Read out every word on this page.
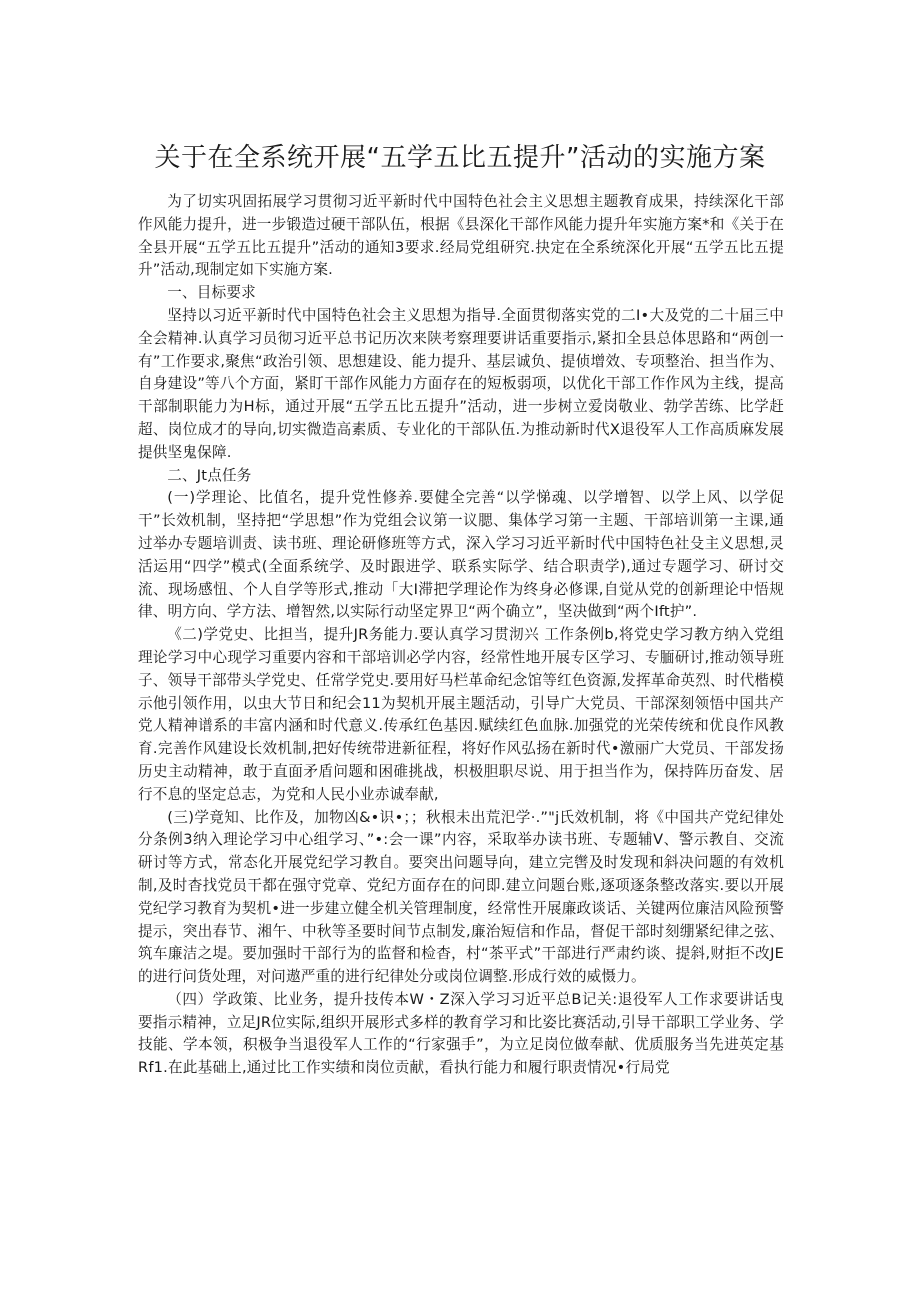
关于在全系统开展“五学五比五提升”活动的实施方案

为了切实巩固拓展学习贯彻习近平新时代中国特色社会主义思想主题教育成果，持续深化干部作风能力提升，进一步锻造过硬干部队伍，根据《县深化干部作风能力提升年实施方案*和《关于在全县开展“五学五比五提升”活动的通知3要求.经局党组研究.抉定在全系统深化开展“五学五比五提升”活动,现制定如下实施方案.

一、目标要求

坚持以习近平新时代中国特色社会主义思想为指导.全面贯彻落实党的二I•大及党的二十届三中全会精神.认真学习员彻习近平总书记历次来陕考察理要讲话重要指示,紧扣全县总体思路和“两创一有”工作要求,聚焦“政治引领、思想建设、能力提升、基层诚负、提侦增效、专项整治、担当作为、自身建设”等八个方面，紧盯干部作风能力方面存在的短板弱项，以优化干部工作作风为主线，提高干部制职能力为H标，通过开展“五学五比五提升”活动，进一步树立爱岗敬业、勃学苦练、比学赶超、岗位成才的导向,切实微造高素质、专业化的干部队伍.为推动新时代X退役军人工作高质麻发展提供坚鬼保障.

二、Jt点任务

(一)学理论、比值名，提升党性修养.要健全完善“以学悌魂、以学增智、以学上风、以学促干”长效机制，坚持把“学思想”作为党组会议第一议腮、集体学习第一主题、干部培训第一主课,通过举办专题培训责、读书班、理论研修班等方式，深入学习习近平新时代中国特色社殳主义思想,灵活运用“四学”模式(全面系统学、及时跟进学、联系实际学、结合职责学),通过专题学习、研讨交流、现场感忸、个人自学等形式,推动「大I滞把学理论作为终身必修课,自觉从党的创新理论中悟规律、明方向、学方法、增智然,以实际行动坚定界卫“两个确立”，坚决做到“两个Ift护”.

《二)学党史、比担当，提升JR务能力.要认真学习贯沏兴 工作条例b,将党史学习教方纳入党组理论学习中心现学习重要内容和干部培训必学内容，经常性地开展专区学习、专腼研讨,推动领导班子、领导干部带头学党史、任常学党史.要用好马栏革命纪念馆等红色资源,发挥革命英烈、时代楷模示他引领作用，以虫大节日和纪会11为契机开展主题活动，引导广大党员、干部深刻领悟中国共产党人精神谱系的丰富内涵和时代意义.传承红色基因.赋续红色血脉.加强党的光荣传统和优良作风教育.完善作风建设长效机制,把好传统带进新征程，将好作风弘扬在新时代•激丽广大党员、干部发扬历史主动精神，敢于直面矛盾问题和困碓挑战，枳极胆职尽说、用于担当作为，保持阵历奋发、居行不息的坚定总志，为党和人民小业赤诚奉献,

(三)学竟知、比作及，加物凶&•识•；；秋根未出荒汜学·.”"j氏效机制，将《中国共产党纪律处分条例3纳入理论学习中心组学习、”•:会一课”内容，采取举办读书班、专题辅V、警示教自、交流研讨等方式，常态化开展党纪学习教自。要突出问题导向，建立完辔及时发现和斜决问题的有效机制,及时杳找党员干都在强守党章、党纪方面存在的问即.建立问题台账,逐项逐条整改落实.要以开展党纪学习教育为契机•进一步建立健全机关管理制度，经常性开展廉政谈话、关键两位廉洁风险预警提示，突出春节、湘午、中秋等圣要时间节点制发,廉治短信和作品，督促干部时刻绷紧纪律之弦、筑车廉洁之堤。要加强时干部行为的监督和检杳，村“茶平式”干部进行严肃约谈、提斜,财拒不改JE的进行问货处理，对问遨严重的进行纪律处分或岗位调整.形成行效的威慑力。

（四）学政策、比业务，提升技传本W・Z深入学习习近平总B记关:退役军人工作求要讲话曳要指示精神，立足JR位实际,组织开展形式多样的教育学习和比姿比赛活动,引导干部职工学业务、学技能、学本领，积极争当退役军人工作的“行家强手”，为立足岗位做奉献、优质服务当先进英定基Rf1.在此基础上,通过比工作实绩和岗位贡献，看执行能力和履行职责情况•行局党
